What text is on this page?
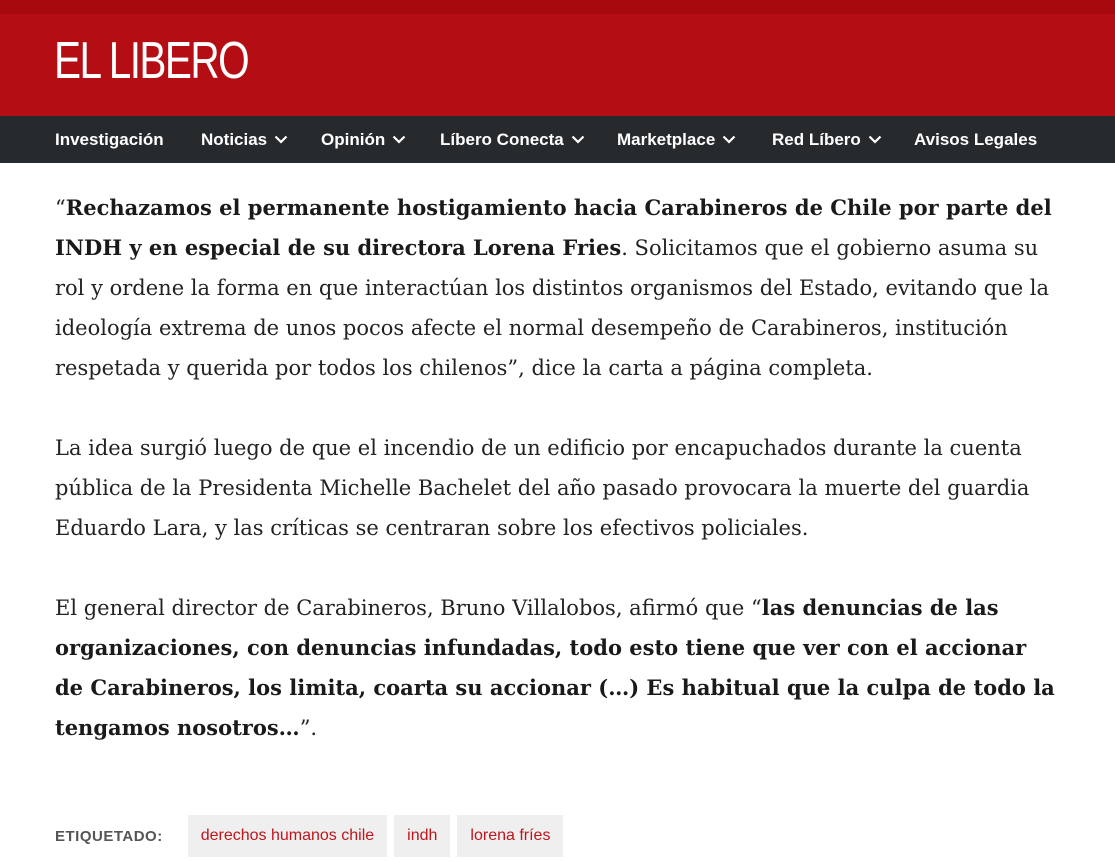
EL LIBERO
Investigación Noticias	Opinión	Líbero Conecta	Marketplace	Red Líbero	Avisos Legales

“Rechazamos el permanente hostigamiento hacia Carabineros de Chile por parte del INDH y en especial de su directora Lorena Fries. Solicitamos que el gobierno asuma su rol y ordene la forma en que interactúan los distintos organismos del Estado, evitando que la ideología extrema de unos pocos afecte el normal desempeño de Carabineros, institución respetada y querida por todos los chilenos”, dice la carta a página completa.

La idea surgió luego de que el incendio de un edificio por encapuchados durante la cuenta pública de la Presidenta Michelle Bachelet del año pasado provocara la muerte del guardia Eduardo Lara, y las críticas se centraran sobre los efectivos policiales.

El general director de Carabineros, Bruno Villalobos, afirmó que “las denuncias de las organizaciones, con denuncias infundadas, todo esto tiene que ver con el accionar de Carabineros, los limita, coarta su accionar (…) Es habitual que la culpa de todo la tengamos nosotros…”.

ETIQUETADO:	derechos humanos chile	indh	lorena fríes
